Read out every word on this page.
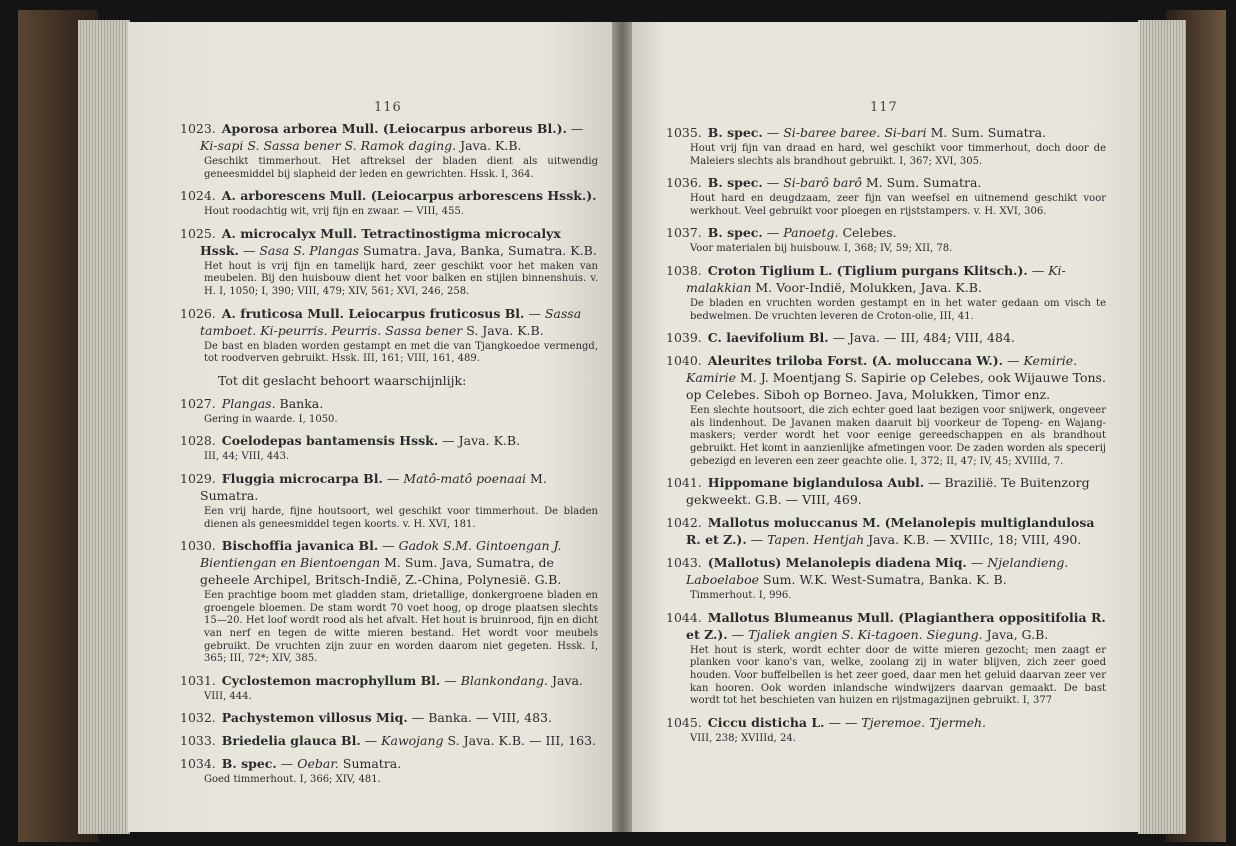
116
1023. Aporosa arborea Mull. (Leiocarpus arboreus Bl.). — Ki-sapi S. Sassa bener S. Ramok daging. Java. K.B.
Geschikt timmerhout. Het aftreksel der bladen dient als uitwendig geneesmiddel bij slapheid der leden en gewrichten. Hssk. I, 364.
1024. A. arborescens Mull. (Leiocarpus arborescens Hssk.).
Hout roodachtig wit, vrij fijn en zwaar. — VIII, 455.
1025. A. microcalyx Mull. Tetractinostigma microcalyx Hssk. — Sasa S. Plangas Sumatra. Java, Banka, Sumatra. K.B.
Het hout is vrij fijn en tamelijk hard, zeer geschikt voor het maken van meubelen. Bij den huisbouw dient het voor balken en stijlen binnenshuis. v. H. I, 1050; I, 390; VIII, 479; XIV, 561; XVI, 246, 258.
1026. A. fruticosa Mull. Leiocarpus fruticosus Bl. — Sassa tamboet. Ki-peurris. Peurris. Sassa bener S. Java. K.B.
De bast en bladen worden gestampt en met die van Tjangkoedoe vermengd, tot roodverven gebruikt. Hssk. III, 161; VIII, 161, 489.
Tot dit geslacht behoort waarschijnlijk:
1027. Plangas. Banka.
Gering in waarde. I, 1050.
1028. Coelodepas bantamensis Hssk. — Java. K.B.
III, 44; VIII, 443.
1029. Fluggia microcarpa Bl. — Matô-matô poenaai M. Sumatra.
Een vrij harde, fijne houtsoort, wel geschikt voor timmerhout. De bladen dienen als geneesmiddel tegen koorts. v. H. XVI, 181.
1030. Bischoffia javanica Bl. — Gadok S.M. Gintoengan J. Bientiengan en Bientoengan M. Sum. Java, Sumatra, de geheele Archipel, Britsch-Indië, Z.-China, Polynesië. G.B.
Een prachtige boom met gladden stam, drietallige, donkergroene bladen en groengele bloemen. De stam wordt 70 voet hoog, op droge plaatsen slechts 15—20. Het loof wordt rood als het afvalt. Het hout is bruinrood, fijn en dicht van nerf en tegen de witte mieren bestand. Het wordt voor meubels gebruikt. De vruchten zijn zuur en worden daarom niet gegeten. Hssk. I, 365; III, 72*; XIV, 385.
1031. Cyclostemon macrophyllum Bl. — Blankondang. Java.
VIII, 444.
1032. Pachystemon villosus Miq. — Banka. — VIII, 483.
1033. Briedelia glauca Bl. — Kawojang S. Java. K.B. — III, 163.
1034. B. spec. — Oebar. Sumatra.
Goed timmerhout. I, 366; XIV, 481.
117
1035. B. spec. — Si-baree baree. Si-bari M. Sum. Sumatra.
Hout vrij fijn van draad en hard, wel geschikt voor timmerhout, doch door de Maleiers slechts als brandhout gebruikt. I, 367; XVI, 305.
1036. B. spec. — Si-barô barô M. Sum. Sumatra.
Hout hard en deugdzaam, zeer fijn van weefsel en uitnemend geschikt voor werkhout. Veel gebruikt voor ploegen en rijststampers. v. H. XVI, 306.
1037. B. spec. — Panoetg. Celebes.
Voor materialen bij huisbouw. I, 368; IV, 59; XII, 78.
1038. Croton Tiglium L. (Tiglium purgans Klitsch.). — Ki-malakkian M. Voor-Indië, Molukken, Java. K.B.
De bladen en vruchten worden gestampt en in het water gedaan om visch te bedwelmen. De vruchten leveren de Croton-olie, III, 41.
1039. C. laevifolium Bl. — Java. — III, 484; VIII, 484.
1040. Aleurites triloba Forst. (A. moluccana W.). — Kemirie. Kamirie M. J. Moentjang S. Sapirie op Celebes, ook Wijauwe Tons. op Celebes. Siboh op Borneo. Java, Molukken, Timor enz.
Een slechte houtsoort, die zich echter goed laat bezigen voor snijwerk, ongeveer als lindenhout. De Javanen maken daaruit bij voorkeur de Topeng- en Wajang-maskers; verder wordt het voor eenige gereedschappen en als brandhout gebruikt. Het komt in aanzienlijke afmetingen voor. De zaden worden als specerij gebezigd en leveren een zeer geachte olie. I, 372; II, 47; IV, 45; XVIIId, 7.
1041. Hippomane biglandulosa Aubl. — Brazilië. Te Buitenzorg gekweekt. G.B. — VIII, 469.
1042. Mallotus moluccanus M. (Melanolepis multiglandulosa R. et Z.). — Tapen. Hentjah Java. K.B. — XVIIIc, 18; VIII, 490.
1043. (Mallotus) Melanolepis diadena Miq. — Njelandieng. Laboelaboe Sum. W.K. West-Sumatra, Banka. K. B.
Timmerhout. I, 996.
1044. Mallotus Blumeanus Mull. (Plagianthera oppositifolia R. et Z.). — Tjaliek angien S. Ki-tagoen. Siegung. Java, G.B.
Het hout is sterk, wordt echter door de witte mieren gezocht; men zaagt er planken voor kano's van, welke, zoolang zij in water blijven, zich zeer goed houden. Voor buffelbellen is het zeer goed, daar men het geluid daarvan zeer ver kan hooren. Ook worden inlandsche windwijzers daarvan gemaakt. De bast wordt tot het beschieten van huizen en rijstmagazijnen gebruikt. I, 377
1045. Ciccu disticha L. — — Tjeremoe. Tjermeh.
VIII, 238; XVIIId, 24.
